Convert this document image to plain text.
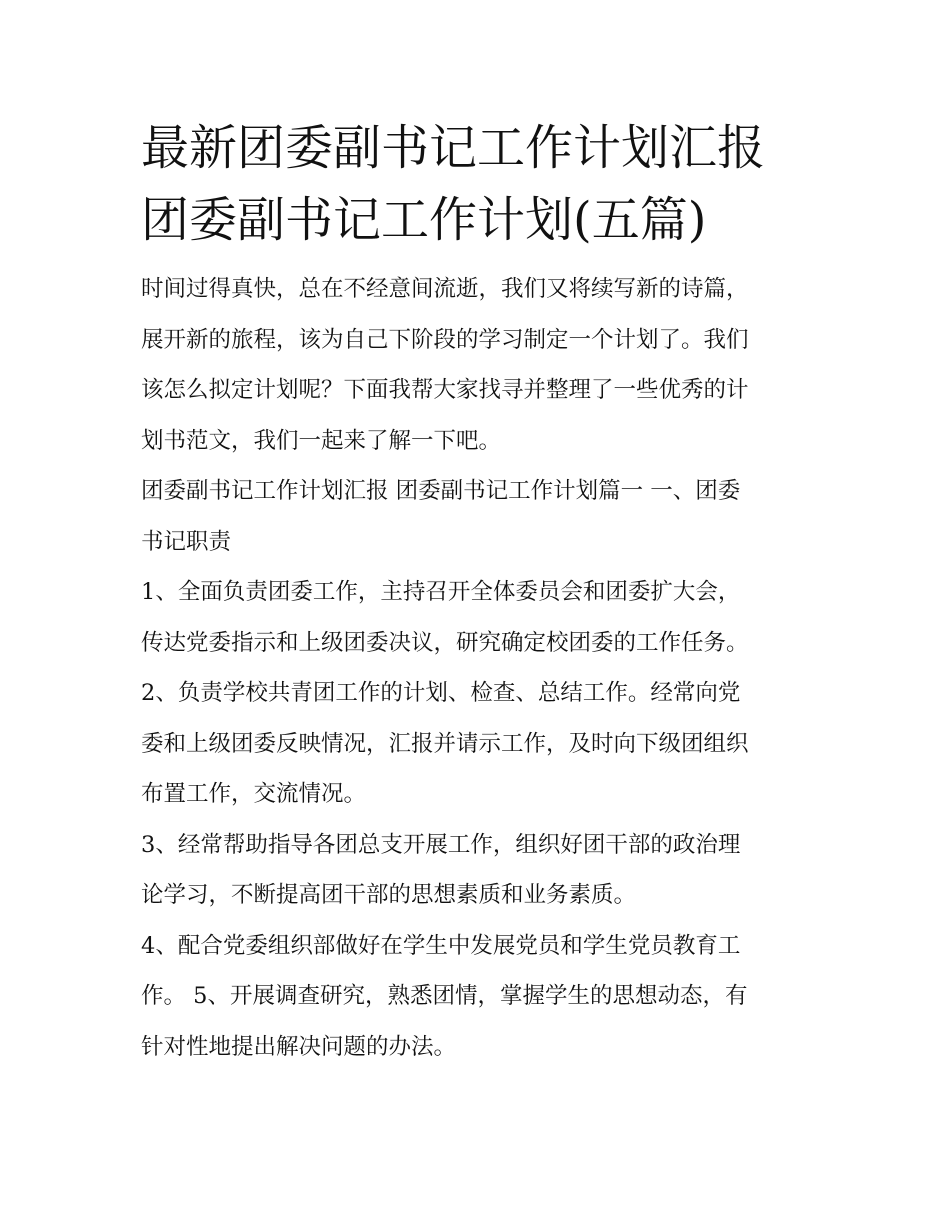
最新团委副书记工作计划汇报
团委副书记工作计划(五篇)

时间过得真快，总在不经意间流逝，我们又将续写新的诗篇，
展开新的旅程，该为自己下阶段的学习制定一个计划了。我们
该怎么拟定计划呢？下面我帮大家找寻并整理了一些优秀的计
划书范文，我们一起来了解一下吧。

团委副书记工作计划汇报 团委副书记工作计划篇一 一、团委
书记职责

1、全面负责团委工作，主持召开全体委员会和团委扩大会，
传达党委指示和上级团委决议，研究确定校团委的工作任务。

2、负责学校共青团工作的计划、检查、总结工作。经常向党
委和上级团委反映情况，汇报并请示工作，及时向下级团组织
布置工作，交流情况。

3、经常帮助指导各团总支开展工作，组织好团干部的政治理
论学习，不断提高团干部的思想素质和业务素质。

4、配合党委组织部做好在学生中发展党员和学生党员教育工
作。 5、开展调查研究，熟悉团情，掌握学生的思想动态，有
针对性地提出解决问题的办法。
